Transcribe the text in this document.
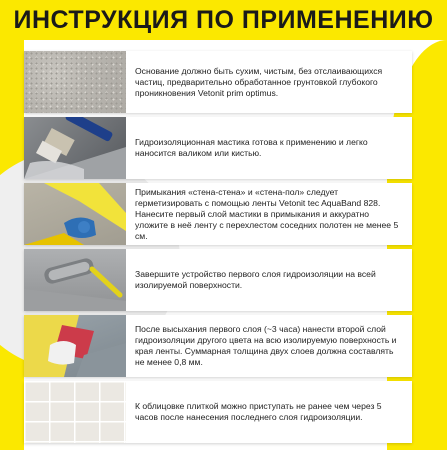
ИНСТРУКЦИЯ ПО ПРИМЕНЕНИЮ

Основание должно быть сухим, чистым, без отслаивающихся частиц, предварительно обработанное грунтовкой глубокого проникновения Vetonit prim optimus.

Гидроизоляционная мастика готова к применению и легко наносится валиком или кистью.

Примыкания «стена-стена» и «стена-пол» следует герметизировать с помощью ленты Vetonit tec AquaBand 828. Нанесите первый слой мастики в примыкания и аккуратно уложите в неё ленту с перехлестом соседних полотен не менее 5 см.

Завершите устройство первого слоя гидроизоляции на всей изолируемой поверхности.

После высыхания первого слоя (~3 часа) нанести второй слой гидроизоляции другого цвета на всю изолируемую поверхность и края ленты. Суммарная толщина двух слоев должна составлять не менее 0,8 мм.

К облицовке плиткой можно приступать не ранее чем через 5 часов после нанесения последнего слоя гидроизоляции.
